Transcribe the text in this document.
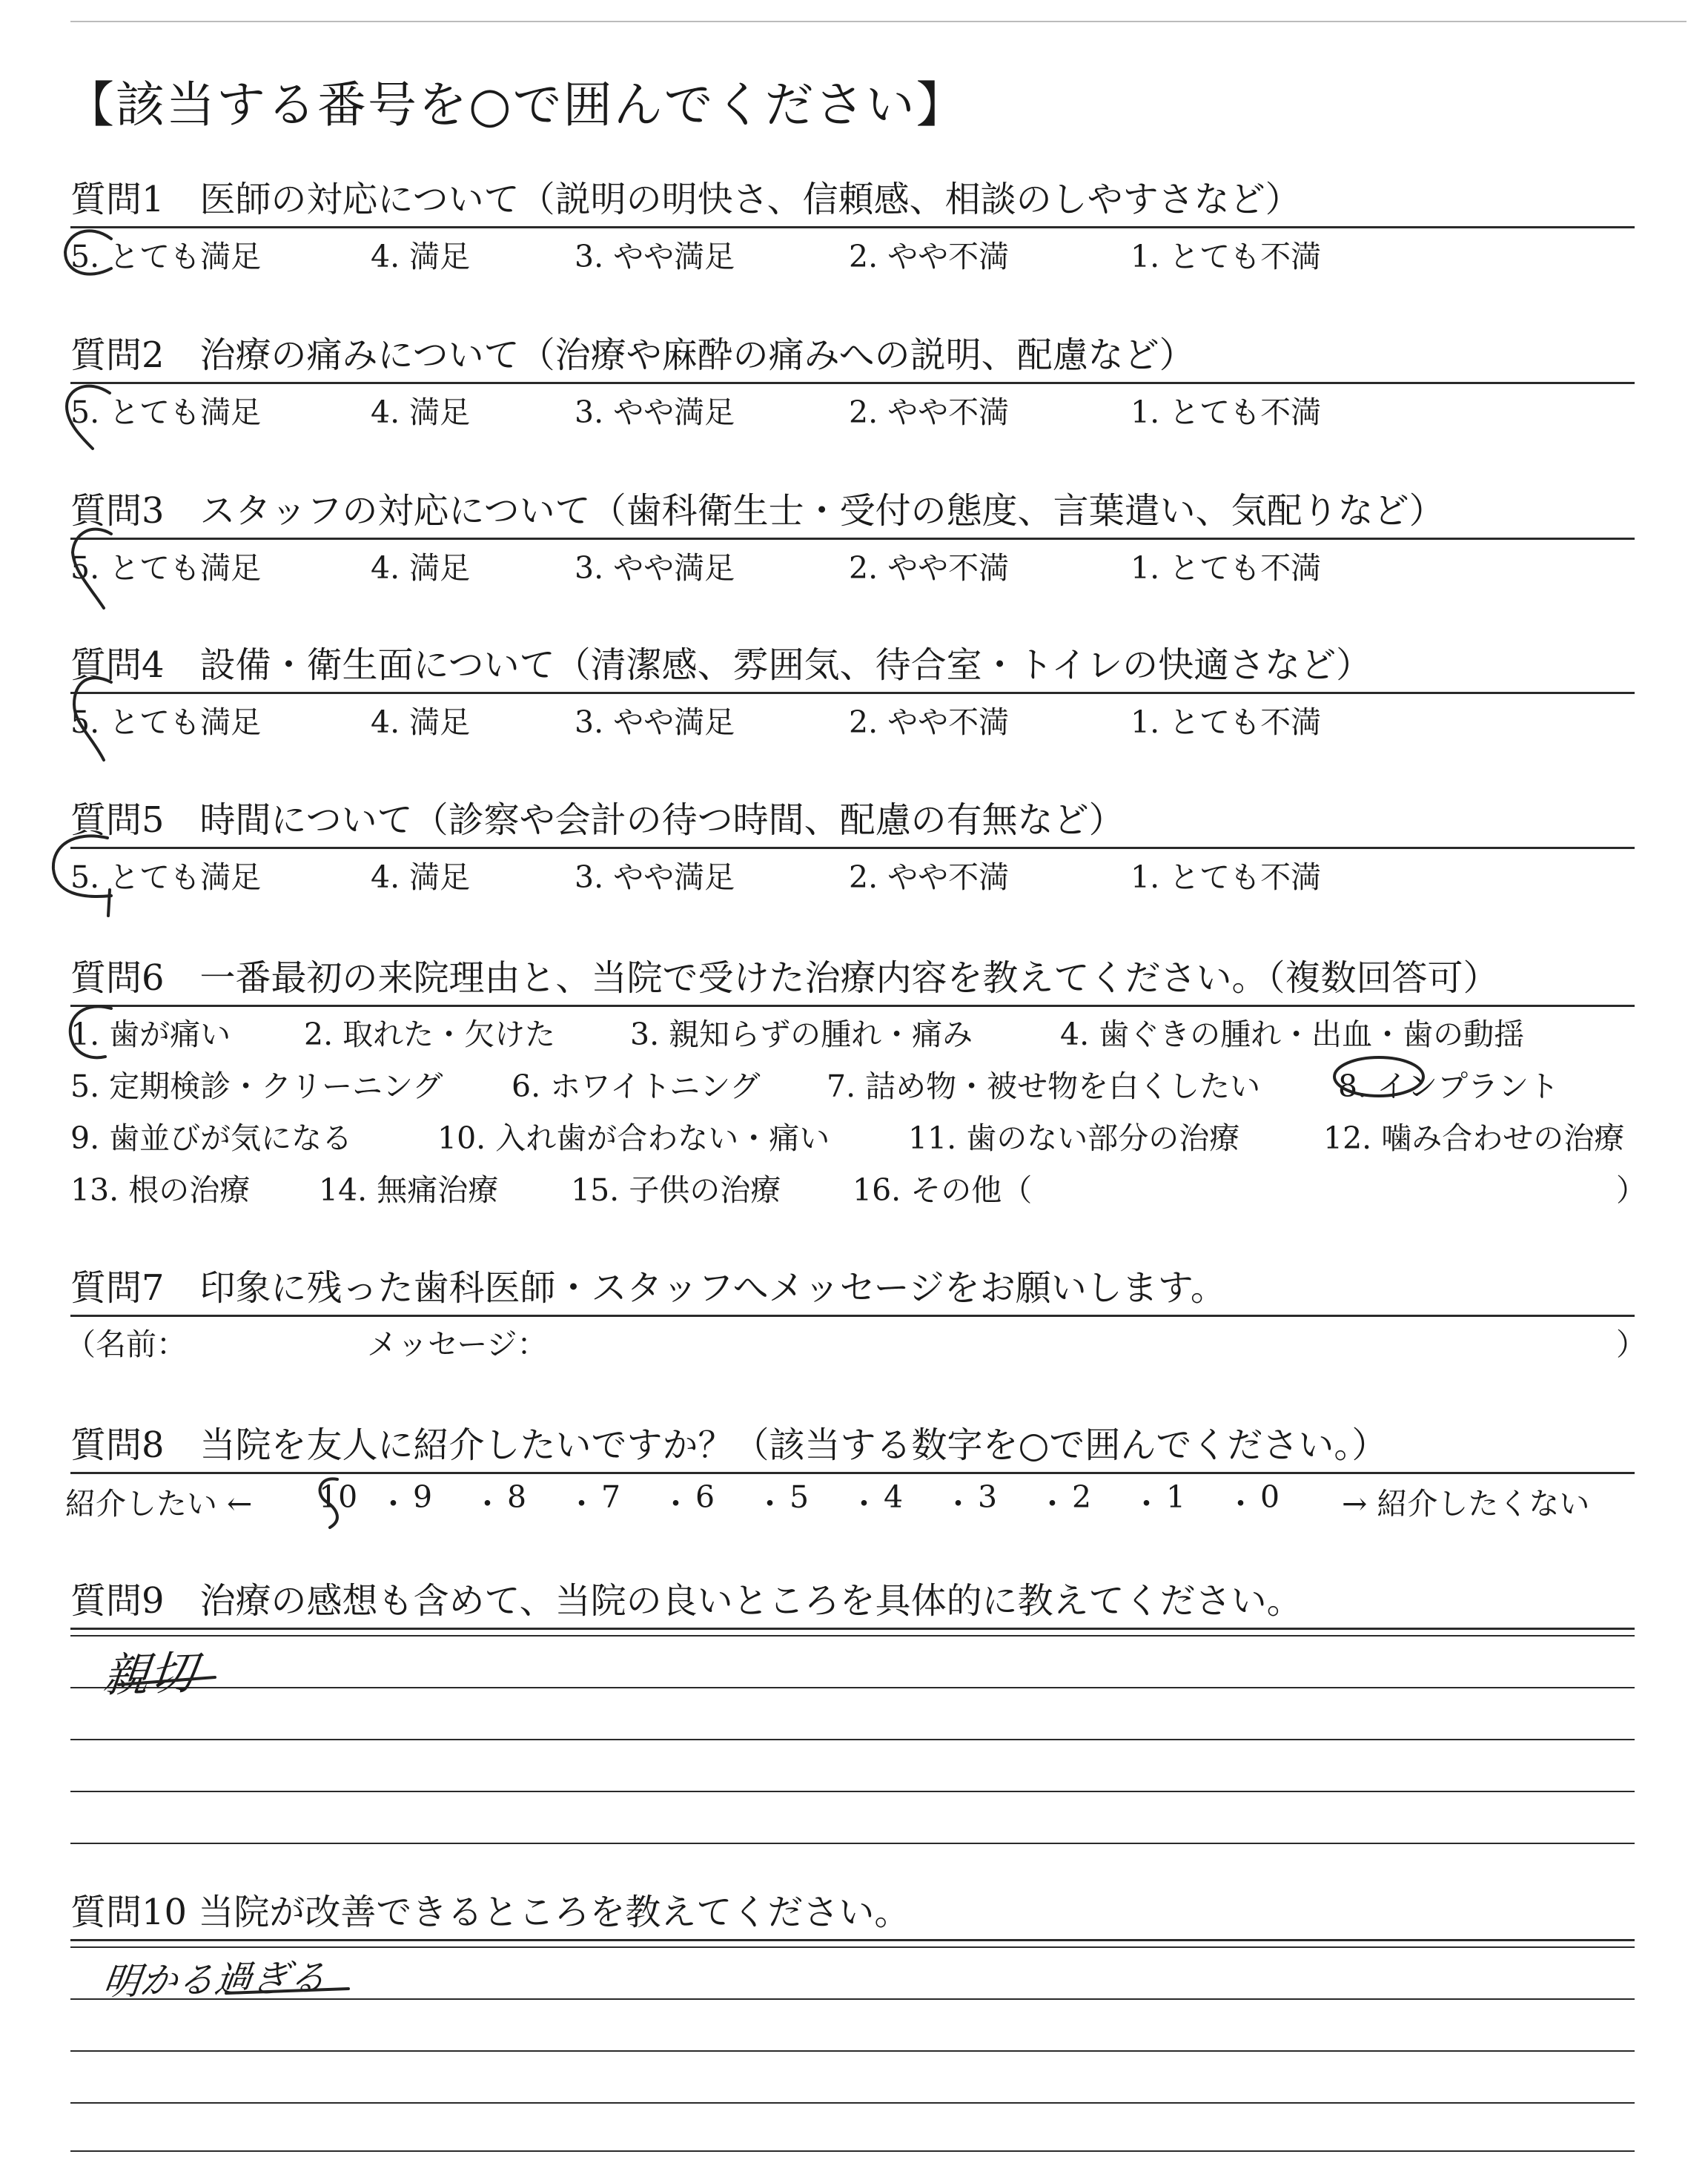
【該当する番号を○で囲んでください】
質問1　医師の対応について（説明の明快さ、信頼感、相談のしやすさなど）
5. とても満足	4. 満足	3. やや満足	2. やや不満	1. とても不満
質問2　治療の痛みについて（治療や麻酔の痛みへの説明、配慮など）
5. とても満足	4. 満足	3. やや満足	2. やや不満	1. とても不満
質問3　スタッフの対応について（歯科衛生士・受付の態度、言葉遣い、気配りなど）
5. とても満足	4. 満足	3. やや満足	2. やや不満	1. とても不満
質問4　設備・衛生面について（清潔感、雰囲気、待合室・トイレの快適さなど）
5. とても満足	4. 満足	3. やや満足	2. やや不満	1. とても不満
質問5　時間について（診察や会計の待つ時間、配慮の有無など）
5. とても満足	4. 満足	3. やや満足	2. やや不満	1. とても不満
質問6　一番最初の来院理由と、当院で受けた治療内容を教えてください。（複数回答可）
1. 歯が痛い 2. 取れた・欠けた 3. 親知らずの腫れ・痛み	4. 歯ぐきの腫れ・出血・歯の動揺
5. 定期検診・クリーニング 6. ホワイトニング 7. 詰め物・被せ物を白くしたい	8. インプラント
9. 歯並びが気になる	10. 入れ歯が合わない・痛い	11. 歯のない部分の治療	12. 噛み合わせの治療
13. 根の治療 14. 無痛治療 15. 子供の治療 16. その他（	）
質問7　印象に残った歯科医師・スタッフへメッセージをお願いします。
（名前：	メッセージ：	）
質問8　当院を友人に紹介したいですか？（該当する数字を○で囲んでください。）
紹介したい ← 10 ・ 9 ・ 8 ・ 7 ・ 6 ・ 5 ・ 4 ・ 3 ・ 2 ・ 1 ・ 0 → 紹介したくない
質問9　治療の感想も含めて、当院の良いところを具体的に教えてください。
親切
質問10 当院が改善できるところを教えてください。
明かる過ぎる
